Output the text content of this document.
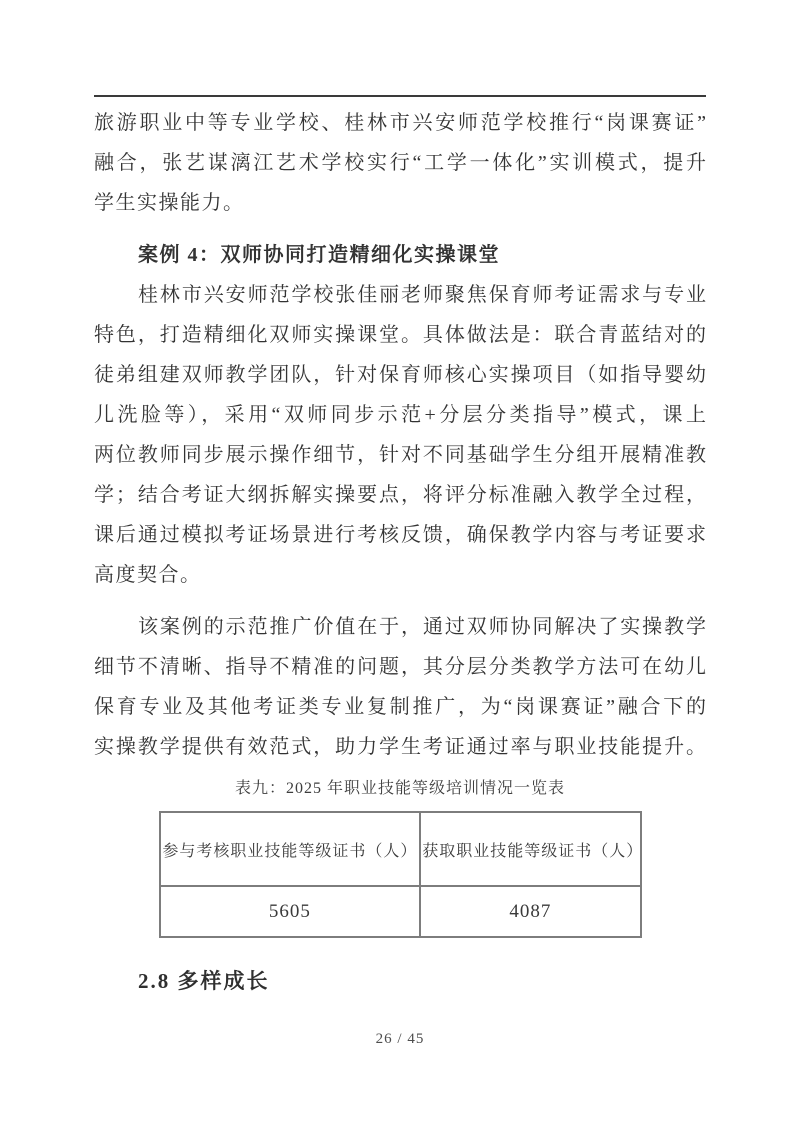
旅游职业中等专业学校、桂林市兴安师范学校推行“岗课赛证”
融合，张艺谋漓江艺术学校实行“工学一体化”实训模式，提升
学生实操能力。
案例 4：双师协同打造精细化实操课堂
桂林市兴安师范学校张佳丽老师聚焦保育师考证需求与专业
特色，打造精细化双师实操课堂。具体做法是：联合青蓝结对的
徒弟组建双师教学团队，针对保育师核心实操项目（如指导婴幼
儿洗脸等），采用“双师同步示范+分层分类指导”模式，课上
两位教师同步展示操作细节，针对不同基础学生分组开展精准教
学；结合考证大纲拆解实操要点，将评分标准融入教学全过程，
课后通过模拟考证场景进行考核反馈，确保教学内容与考证要求
高度契合。
该案例的示范推广价值在于，通过双师协同解决了实操教学
细节不清晰、指导不精准的问题，其分层分类教学方法可在幼儿
保育专业及其他考证类专业复制推广，为“岗课赛证”融合下的
实操教学提供有效范式，助力学生考证通过率与职业技能提升。
表九：2025 年职业技能等级培训情况一览表
参与考核职业技能等级证书（人）	获取职业技能等级证书（人）
5605	4087
2.8 多样成长
26 / 45
